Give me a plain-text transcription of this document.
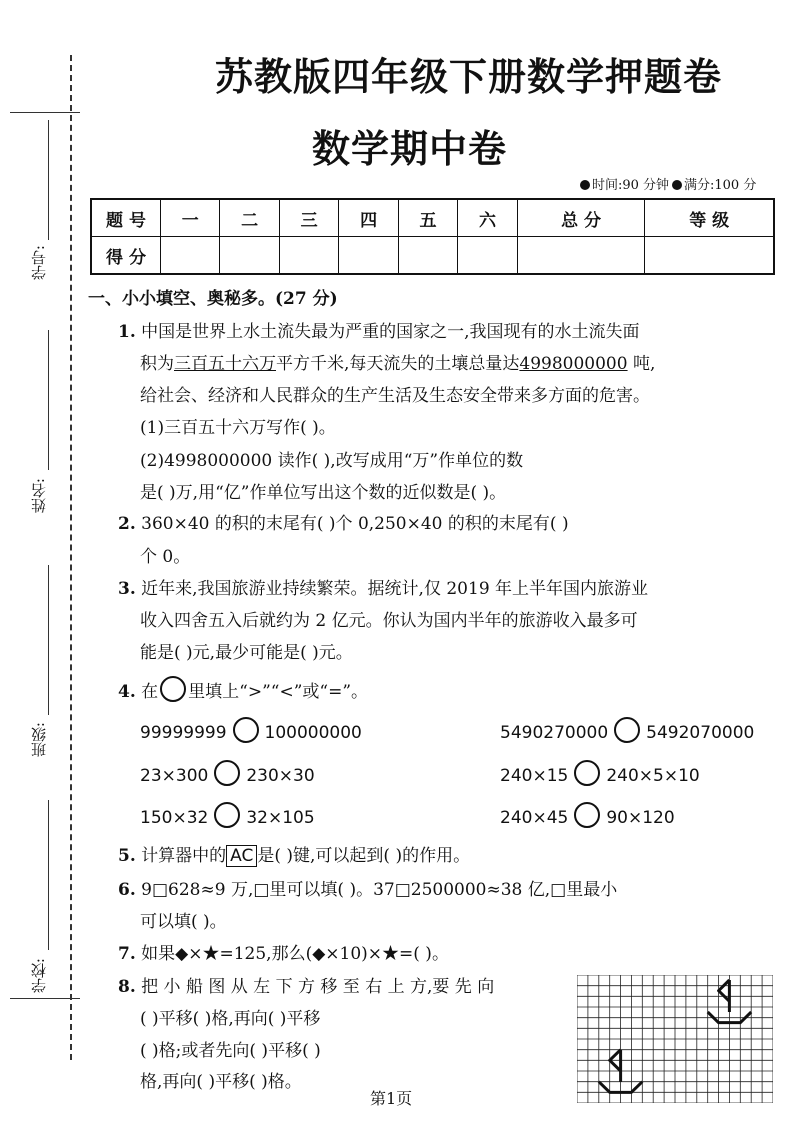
学号:
姓名:
班级:
学校:
苏教版四年级下册数学押题卷
数学期中卷
时间:90 分钟	满分:100 分
题 号	一	二	三	四	五	六	总 分	等 级
得 分								
一、小小填空、奥秘多。(27 分)
1. 中国是世界上水土流失最为严重的国家之一,我国现有的水土流失面
积为三百五十六万平方千米,每天流失的土壤总量达4998000000 吨,
给社会、经济和人民群众的生产生活及生态安全带来多方面的危害。
(1)三百五十六万写作( )。
(2)4998000000 读作( ),改写成用“万”作单位的数
是( )万,用“亿”作单位写出这个数的近似数是( )。
2. 360×40 的积的末尾有( )个 0,250×40 的积的末尾有( )
个 0。
3. 近年来,我国旅游业持续繁荣。据统计,仅 2019 年上半年国内旅游业
收入四舍五入后就约为 2 亿元。你认为国内半年的旅游收入最多可
能是( )元,最少可能是( )元。
4. 在 里填上“>”“<”或“=”。
99999999 100000000	5490270000 5492070000
23×300 230×30	240×15 240×5×10
150×32 32×105	240×45 90×120
5. 计算器中的 AC 是( )键,可以起到( )的作用。
6. 9□628≈9 万,□里可以填( )。37□2500000≈38 亿,□里最小
可以填( )。
7. 如果◆×★=125,那么(◆×10)×★=( )。
8. 把 小 船 图 从 左 下 方 移 至 右 上 方,要 先 向
( )平移( )格,再向( )平移
( )格;或者先向( )平移( )
格,再向( )平移( )格。
第1页
